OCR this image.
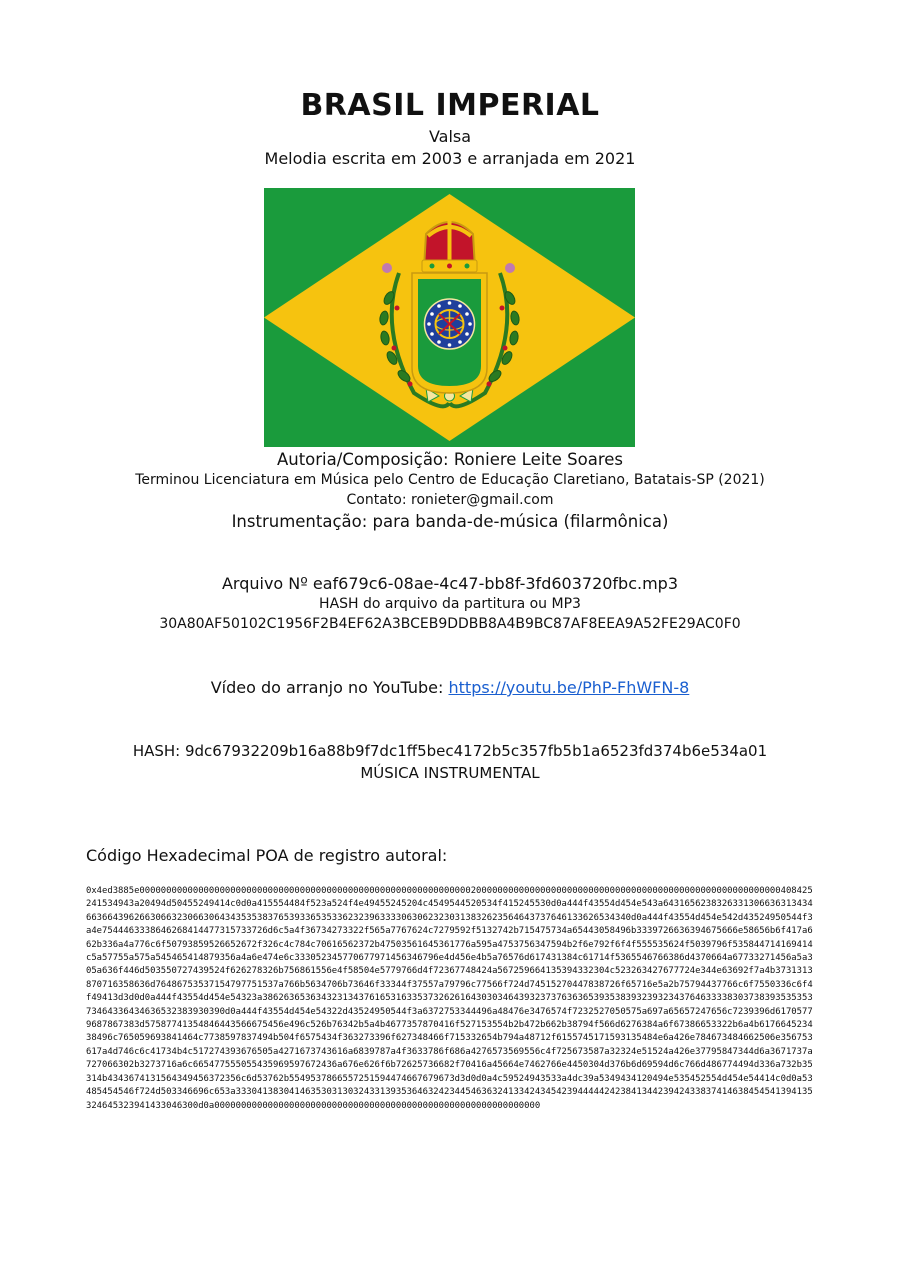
BRASIL IMPERIAL
Valsa
Melodia escrita em 2003 e arranjada em 2021
Autoria/Composição: Roniere Leite Soares
Terminou Licenciatura em Música pelo Centro de Educação Claretiano, Batatais-SP (2021)
Contato: ronieter@gmail.com
Instrumentação: para banda-de-música (filarmônica)
Arquivo Nº eaf679c6-08ae-4c47-bb8f-3fd603720fbc.mp3
HASH do arquivo da partitura ou MP3
30A80AF50102C1956F2B4EF62A3BCEB9DDBB8A4B9BC87AF8EEA9A52FE29AC0F0
Vídeo do arranjo no YouTube: https://youtu.be/PhP-FhWFN-8
HASH: 9dc67932209b16a88b9f7dc1ff5bec4172b5c357fb5b1a6523fd374b6e534a01
MÚSICA INSTRUMENTAL
Código Hexadecimal POA de registro autoral:
0x4ed3885e000000000000000000000000000000000000000000000000000000000000002000000000000000000000000000000000000000000000000000000000408425241534943a20494d50455249414c0d0a415554484f523a524f4e49455245204c4549544520534f415245530d0a444f43554d454e543a6431656238326331306636313434663664396266306632306630643435353837653933653533623239633330630623230313832623564643737646133626534340d0a444f43554d454e542d43524950544f3a4e7544463338646268414477315733726d6c5a4f36734273322f565a7767624c7279592f5132742b715475734a65443058496b3339726636394675666e58656b6f417a662b336a4a776c6f50793859526652672f326c4c784c70616562372b47503561645361776a595a4753756347594b2f6e792f6f4f555535624f5039796f535844714169414c5a57755a575a545465414879356a4a6e474e6c333052345770677971456346796e4d456e4b5a76576d617431384c61714f5365546766386d4370664a67733271456a5a305a636f446d503550727439524f626278326b756861556e4f58504e5779766d4f72367748424a567259664135394332304c523263427677724e344e63692f7a4b3731313870716358636d76486753537154797751537a766b5634706b73646f33344f37557a79796c77566f724d74515270447838726f65716e5a2b75794437766c6f7550336c6f4f49413d3d0d0a444f43554d454e54323a386263653634323134376165316335373262616430303464393237376363653935383932393234376463333830373839353535373464336434636532383930390d0a444f43554d454e54322d43524950544f3a6372753344496a48476e3476574f7232527050575a697a65657247656c7239396d61705779687867383d57587741354846443566675456e496c526b76342b5a4b4677357870416f527153554b2b472b662b38794f566d6276384a6f67386653322b6a4b617664523438496c765059693841464c7738597837494b504f6575434f363273396f627348466f715332654b794a48712f6155745171593135484e6a426e784673484662506e356753617a4d746c6c41734b4c517274393676505a4271673743616a6839787a4f3633786f686a4276573569556c4f725673587a32324e51524a426e37795847344d6a3671737a727066302b3273716a6c665477555055435969597672436a676e626f6b72625736682f70416a45664e7462766e4450304d376b6d69594d6c766d486774494d336a732b35314b4343674131564349456372356c6d53762b5549537866557251594474667679673d3d0d0a4c59524943533a4dc39a5349434120494e535452554d454e54414c0d0a53485454546f724d503346696c653a333041383041463530313032433139353646324234454636324133424345423944444242384134423942433837414638454541394135324645323941433046300d0a0000000000000000000000000000000000000000000000000000000000000
